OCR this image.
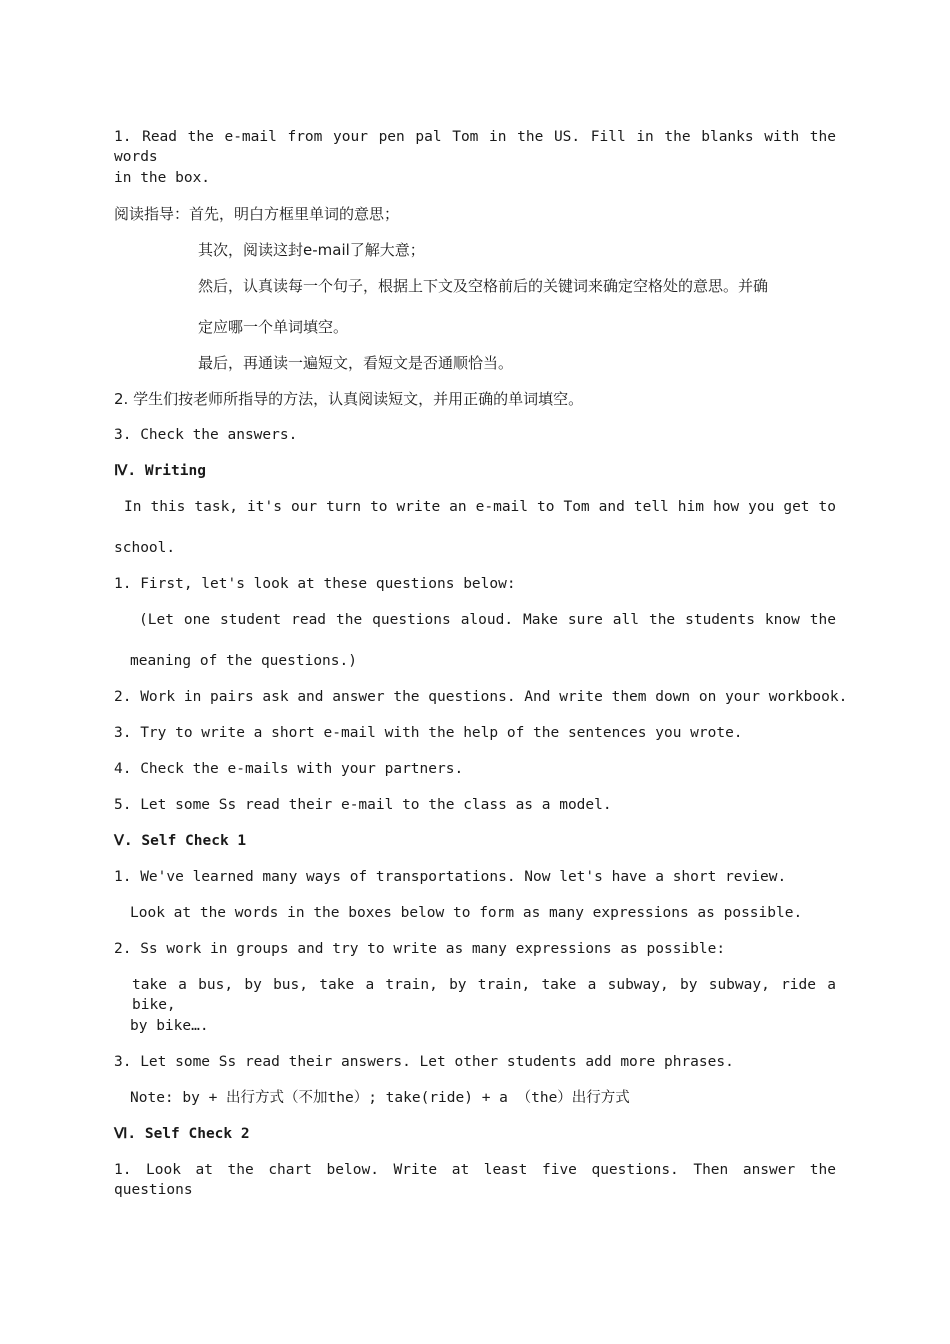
1. Read the e-mail from your pen pal Tom in the US. Fill in the blanks with the words
in the box.
阅读指导：首先，明白方框里单词的意思；
其次，阅读这封e-mail了解大意；
然后，认真读每一个句子，根据上下文及空格前后的关键词来确定空格处的意思。并确
定应哪一个单词填空。
最后，再通读一遍短文，看短文是否通顺恰当。
2. 学生们按老师所指导的方法，认真阅读短文，并用正确的单词填空。
3. Check the answers.
Ⅳ. Writing
In this task, it's our turn to write an e-mail to Tom and tell him how you get to
school.
1. First, let's look at these questions below:
(Let one student read the questions aloud. Make sure all the students know the
meaning of the questions.)
2. Work in pairs ask and answer the questions. And write them down on your workbook.
3. Try to write a short e-mail with the help of the sentences you wrote.
4. Check the e-mails with your partners.
5. Let some Ss read their e-mail to the class as a model.
Ⅴ. Self Check 1
1. We've learned many ways of transportations. Now let's have a short review.
Look at the words in the boxes below to form as many expressions as possible.
2. Ss work in groups and try to write as many expressions as possible:
take a bus, by bus, take a train, by train, take a subway, by subway, ride a bike,
by bike….
3. Let some Ss read their answers. Let other students add more phrases.
Note: by + 出行方式（不加the）; take(ride) + a （the）出行方式
Ⅵ. Self Check 2
1. Look at the chart below. Write at least five questions. Then answer the questions
